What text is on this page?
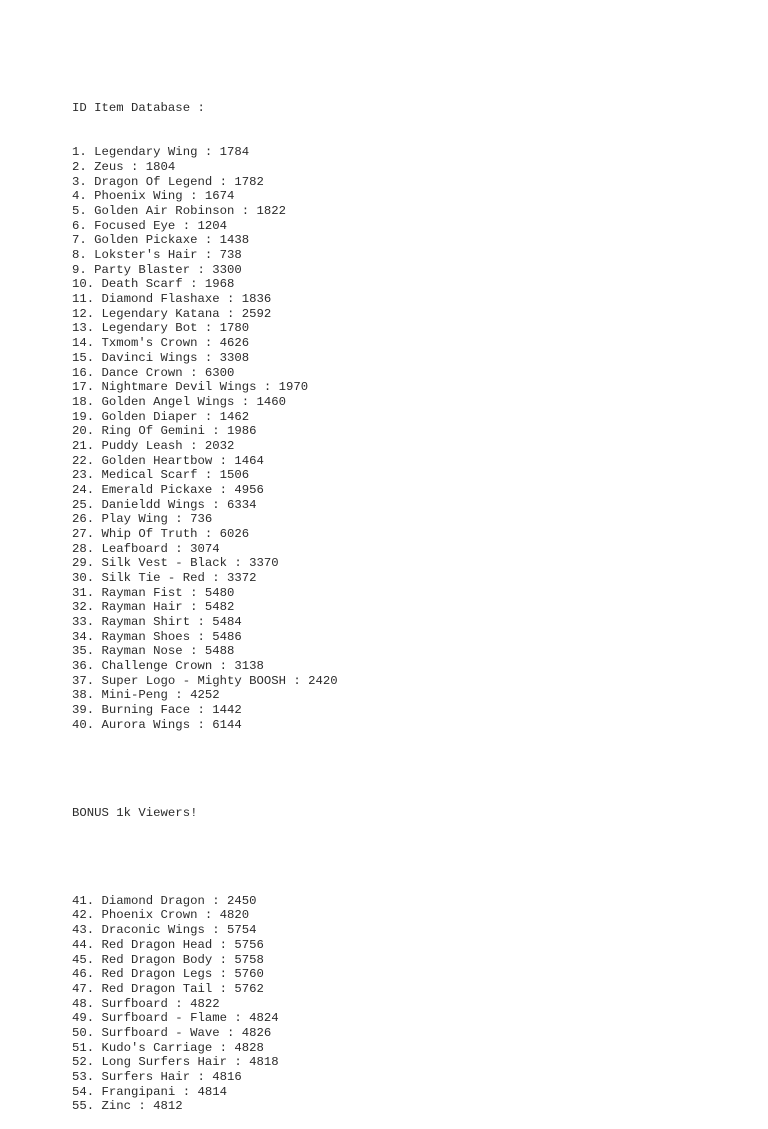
ID Item Database :

1. Legendary Wing : 1784
2. Zeus : 1804
3. Dragon Of Legend : 1782
4. Phoenix Wing : 1674
5. Golden Air Robinson : 1822
6. Focused Eye : 1204
7. Golden Pickaxe : 1438
8. Lokster's Hair : 738
9. Party Blaster : 3300
10. Death Scarf : 1968
11. Diamond Flashaxe : 1836
12. Legendary Katana : 2592
13. Legendary Bot : 1780
14. Txmom's Crown : 4626
15. Davinci Wings : 3308
16. Dance Crown : 6300
17. Nightmare Devil Wings : 1970
18. Golden Angel Wings : 1460
19. Golden Diaper : 1462
20. Ring Of Gemini : 1986
21. Puddy Leash : 2032
22. Golden Heartbow : 1464
23. Medical Scarf : 1506
24. Emerald Pickaxe : 4956
25. Danieldd Wings : 6334
26. Play Wing : 736
27. Whip Of Truth : 6026
28. Leafboard : 3074
29. Silk Vest - Black : 3370
30. Silk Tie - Red : 3372
31. Rayman Fist : 5480
32. Rayman Hair : 5482
33. Rayman Shirt : 5484
34. Rayman Shoes : 5486
35. Rayman Nose : 5488
36. Challenge Crown : 3138
37. Super Logo - Mighty BOOSH : 2420
38. Mini-Peng : 4252
39. Burning Face : 1442
40. Aurora Wings : 6144

BONUS 1k Viewers!

41. Diamond Dragon : 2450
42. Phoenix Crown : 4820
43. Draconic Wings : 5754
44. Red Dragon Head : 5756
45. Red Dragon Body : 5758
46. Red Dragon Legs : 5760
47. Red Dragon Tail : 5762
48. Surfboard : 4822
49. Surfboard - Flame : 4824
50. Surfboard - Wave : 4826
51. Kudo's Carriage : 4828
52. Long Surfers Hair : 4818
53. Surfers Hair : 4816
54. Frangipani : 4814
55. Zinc : 4812
